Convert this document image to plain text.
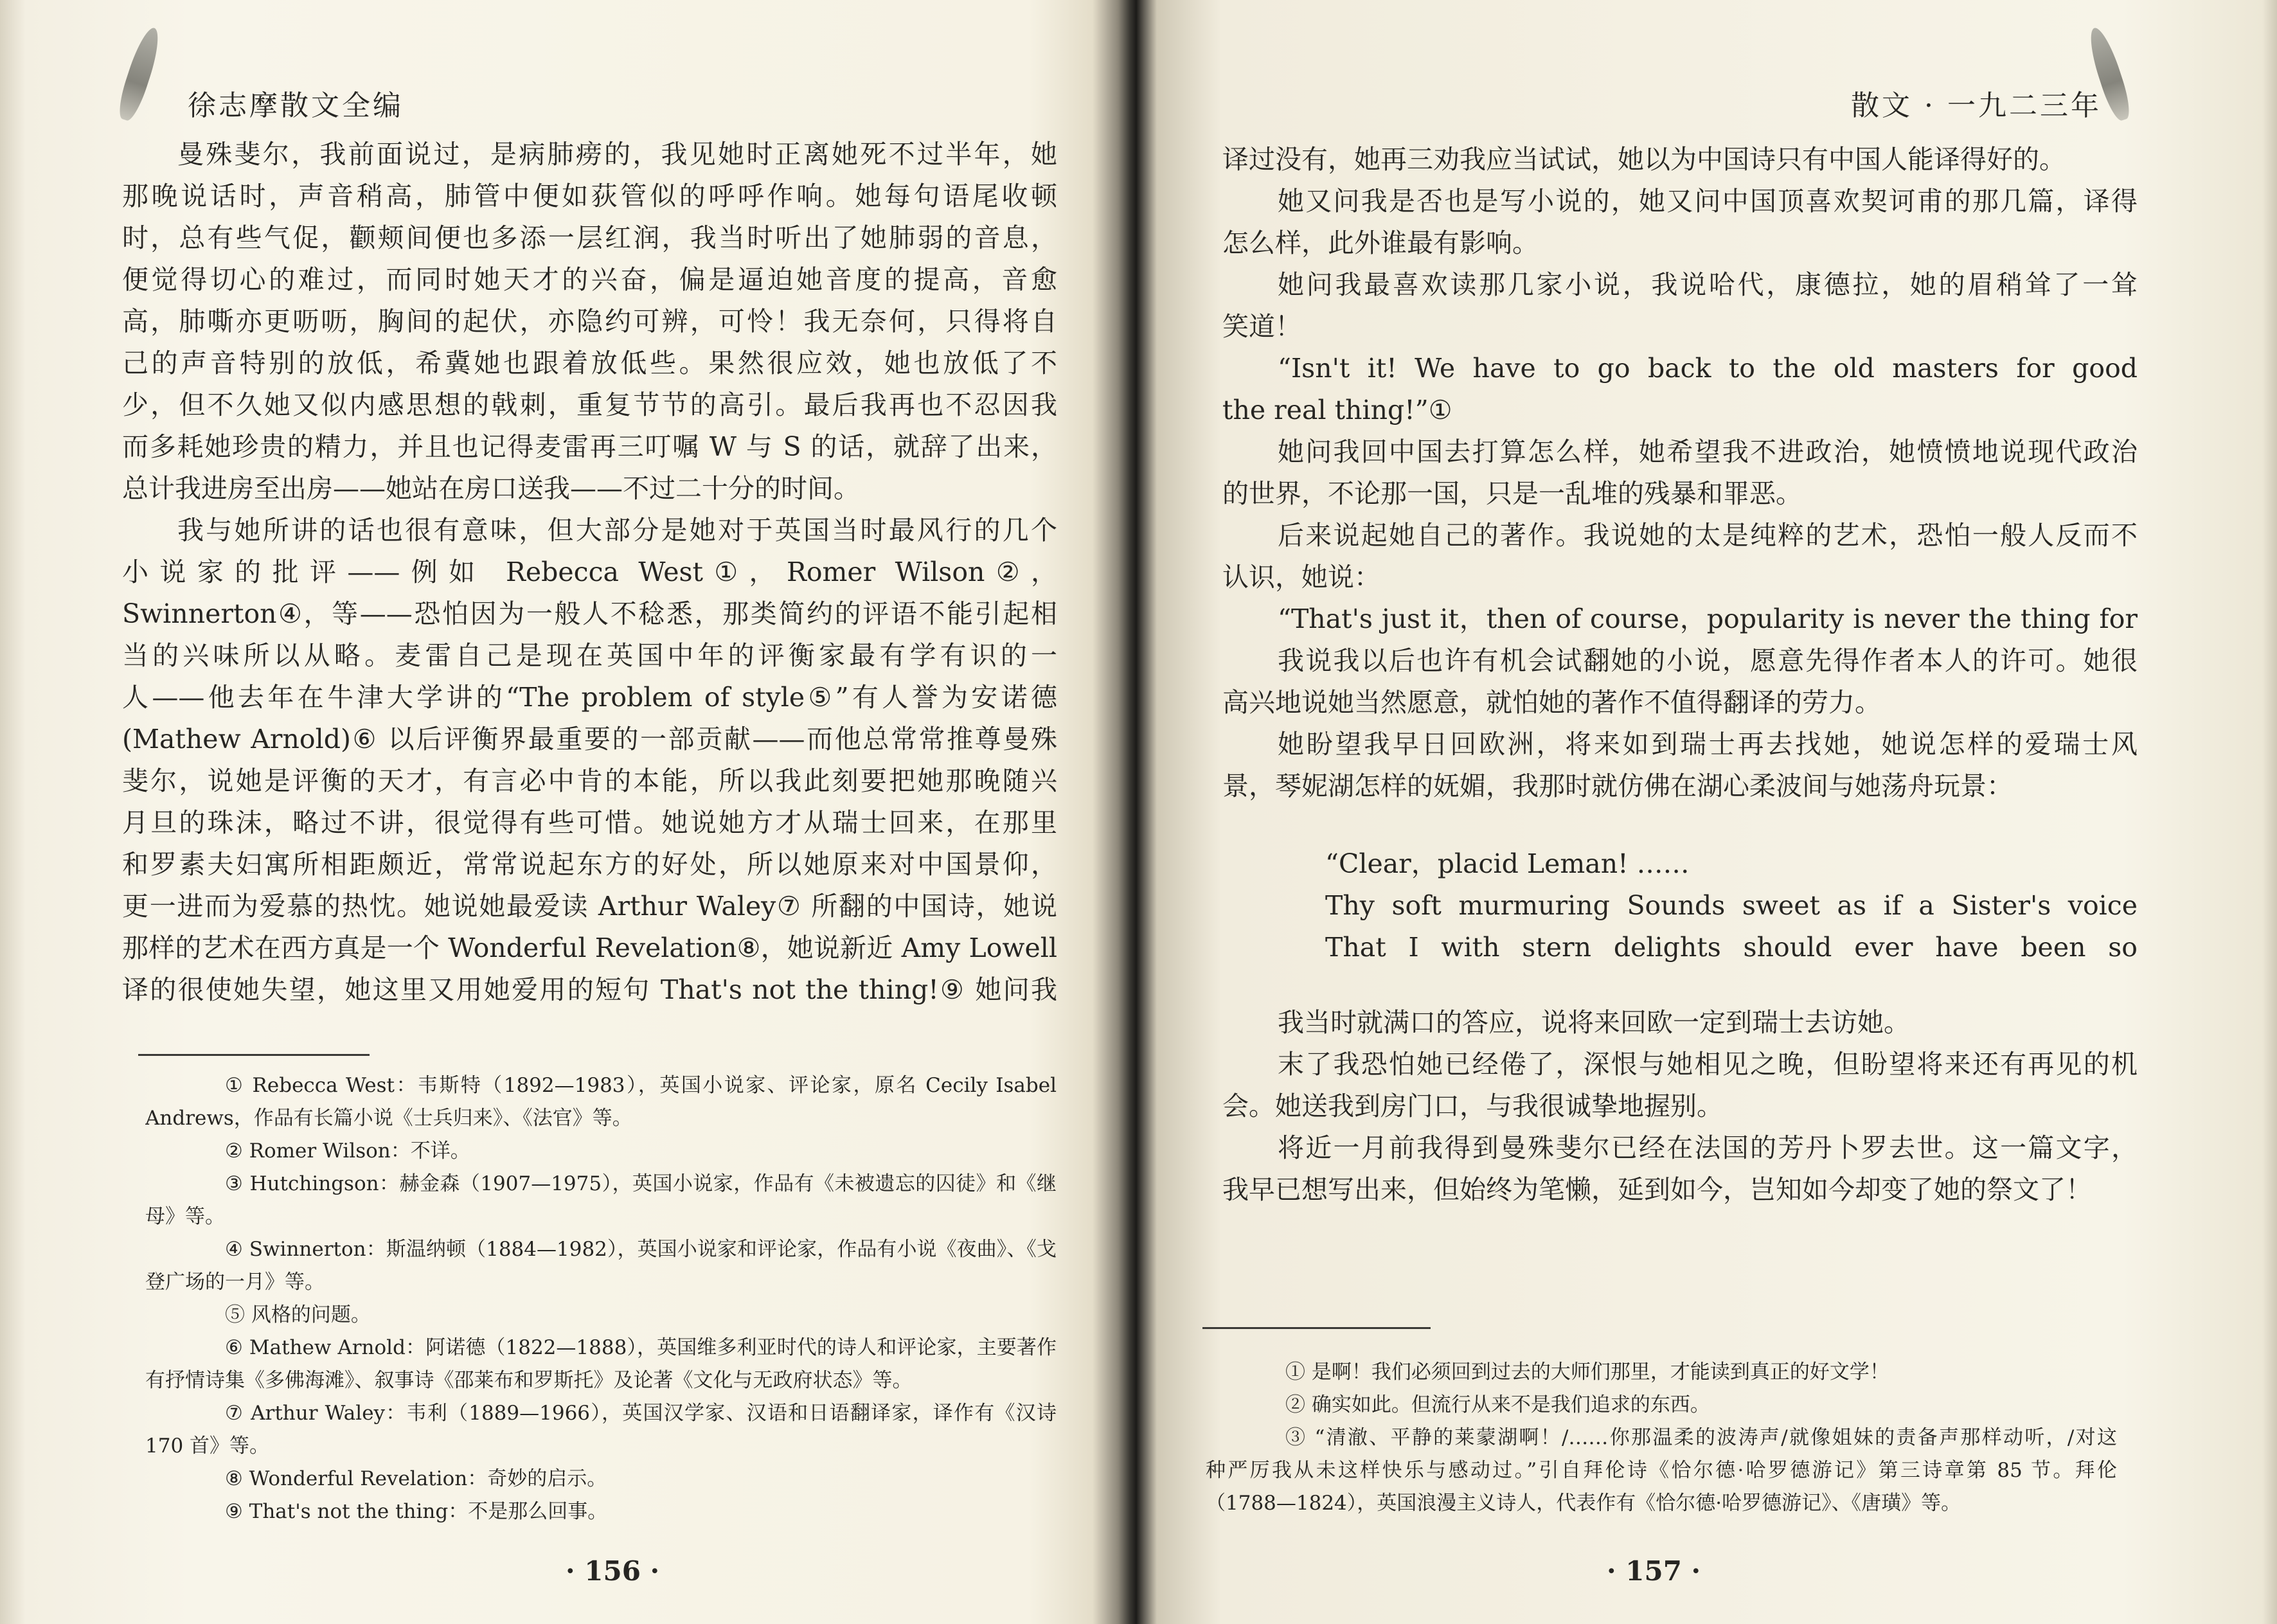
徐志摩散文全编
曼殊斐尔，我前面说过，是病肺痨的，我见她时正离她死不过半年，她
那晚说话时，声音稍高，肺管中便如荻管似的呼呼作响。她每句语尾收顿
时，总有些气促，颧颊间便也多添一层红润，我当时听出了她肺弱的音息，
便觉得切心的难过，而同时她天才的兴奋，偏是逼迫她音度的提高，音愈
高，肺嘶亦更呖呖，胸间的起伏，亦隐约可辨，可怜！我无奈何，只得将自
己的声音特别的放低，希冀她也跟着放低些。果然很应效，她也放低了不
少，但不久她又似内感思想的戟刺，重复节节的高引。最后我再也不忍因我
而多耗她珍贵的精力，并且也记得麦雷再三叮嘱 W 与 S 的话，就辞了出来，
总计我进房至出房——她站在房口送我——不过二十分的时间。
我与她所讲的话也很有意味，但大部分是她对于英国当时最风行的几个
小说家的批评——例如 Rebecca West①，Romer Wilson②，
Swinnerton④，等——恐怕因为一般人不稔悉，那类简约的评语不能引起相
当的兴味所以从略。麦雷自己是现在英国中年的评衡家最有学有识的一
人——他去年在牛津大学讲的“The problem of style⑤”有人誉为安诺德
(Mathew Arnold)⑥ 以后评衡界最重要的一部贡献——而他总常常推尊曼殊
斐尔，说她是评衡的天才，有言必中肯的本能，所以我此刻要把她那晚随兴
月旦的珠沫，略过不讲，很觉得有些可惜。她说她方才从瑞士回来，在那里
和罗素夫妇寓所相距颇近，常常说起东方的好处，所以她原来对中国景仰，
更一进而为爱慕的热忱。她说她最爱读 Arthur Waley⑦ 所翻的中国诗，她说
那样的艺术在西方真是一个 Wonderful Revelation⑧，她说新近 Amy Lowell
译的很使她失望，她这里又用她爱用的短句 That's not the thing!⑨ 她问我
① Rebecca West：韦斯特（1892—1983），英国小说家、评论家，原名 Cecily Isabel
Andrews，作品有长篇小说《士兵归来》、《法官》等。
② Romer Wilson：不详。
③ Hutchingson：赫金森（1907—1975），英国小说家，作品有《未被遗忘的囚徒》和《继
母》等。
④ Swinnerton：斯温纳顿（1884—1982），英国小说家和评论家，作品有小说《夜曲》、《戈
登广场的一月》等。
⑤ 风格的问题。
⑥ Mathew Arnold：阿诺德（1822—1888），英国维多利亚时代的诗人和评论家，主要著作
有抒情诗集《多佛海滩》、叙事诗《邵莱布和罗斯托》及论著《文化与无政府状态》等。
⑦ Arthur Waley：韦利（1889—1966），英国汉学家、汉语和日语翻译家，译作有《汉诗
170 首》等。
⑧ Wonderful Revelation：奇妙的启示。
⑨ That's not the thing：不是那么回事。
· 156 ·
散文 · 一九二三年
译过没有，她再三劝我应当试试，她以为中国诗只有中国人能译得好的。
她又问我是否也是写小说的，她又问中国顶喜欢契诃甫的那几篇，译得
怎么样，此外谁最有影响。
她问我最喜欢读那几家小说，我说哈代，康德拉，她的眉稍耸了一耸
笑道！
“Isn't it! We have to go back to the old masters for good
the real thing!”①
她问我回中国去打算怎么样，她希望我不进政治，她愤愤地说现代政治
的世界，不论那一国，只是一乱堆的残暴和罪恶。
后来说起她自己的著作。我说她的太是纯粹的艺术，恐怕一般人反而不
认识，她说：
“That's just it，then of course，popularity is never the thing for
我说我以后也许有机会试翻她的小说，愿意先得作者本人的许可。她很
高兴地说她当然愿意，就怕她的著作不值得翻译的劳力。
她盼望我早日回欧洲，将来如到瑞士再去找她，她说怎样的爱瑞士风
景，琴妮湖怎样的妩媚，我那时就仿佛在湖心柔波间与她荡舟玩景：
“Clear，placid Leman! ……
Thy soft murmuring Sounds sweet as if a Sister's voice
That I with stern delights should ever have been so
我当时就满口的答应，说将来回欧一定到瑞士去访她。
末了我恐怕她已经倦了，深恨与她相见之晚，但盼望将来还有再见的机
会。她送我到房门口，与我很诚挚地握别。
将近一月前我得到曼殊斐尔已经在法国的芳丹卜罗去世。这一篇文字，
我早已想写出来，但始终为笔懒，延到如今，岂知如今却变了她的祭文了！
① 是啊！我们必须回到过去的大师们那里，才能读到真正的好文学！
② 确实如此。但流行从来不是我们追求的东西。
③ “清澈、平静的莱蒙湖啊！/……你那温柔的波涛声/就像姐妹的责备声那样动听，/对这
种严厉我从未这样快乐与感动过。”引自拜伦诗《恰尔德·哈罗德游记》第三诗章第 85 节。拜伦
（1788—1824），英国浪漫主义诗人，代表作有《恰尔德·哈罗德游记》、《唐璜》等。
· 157 ·
